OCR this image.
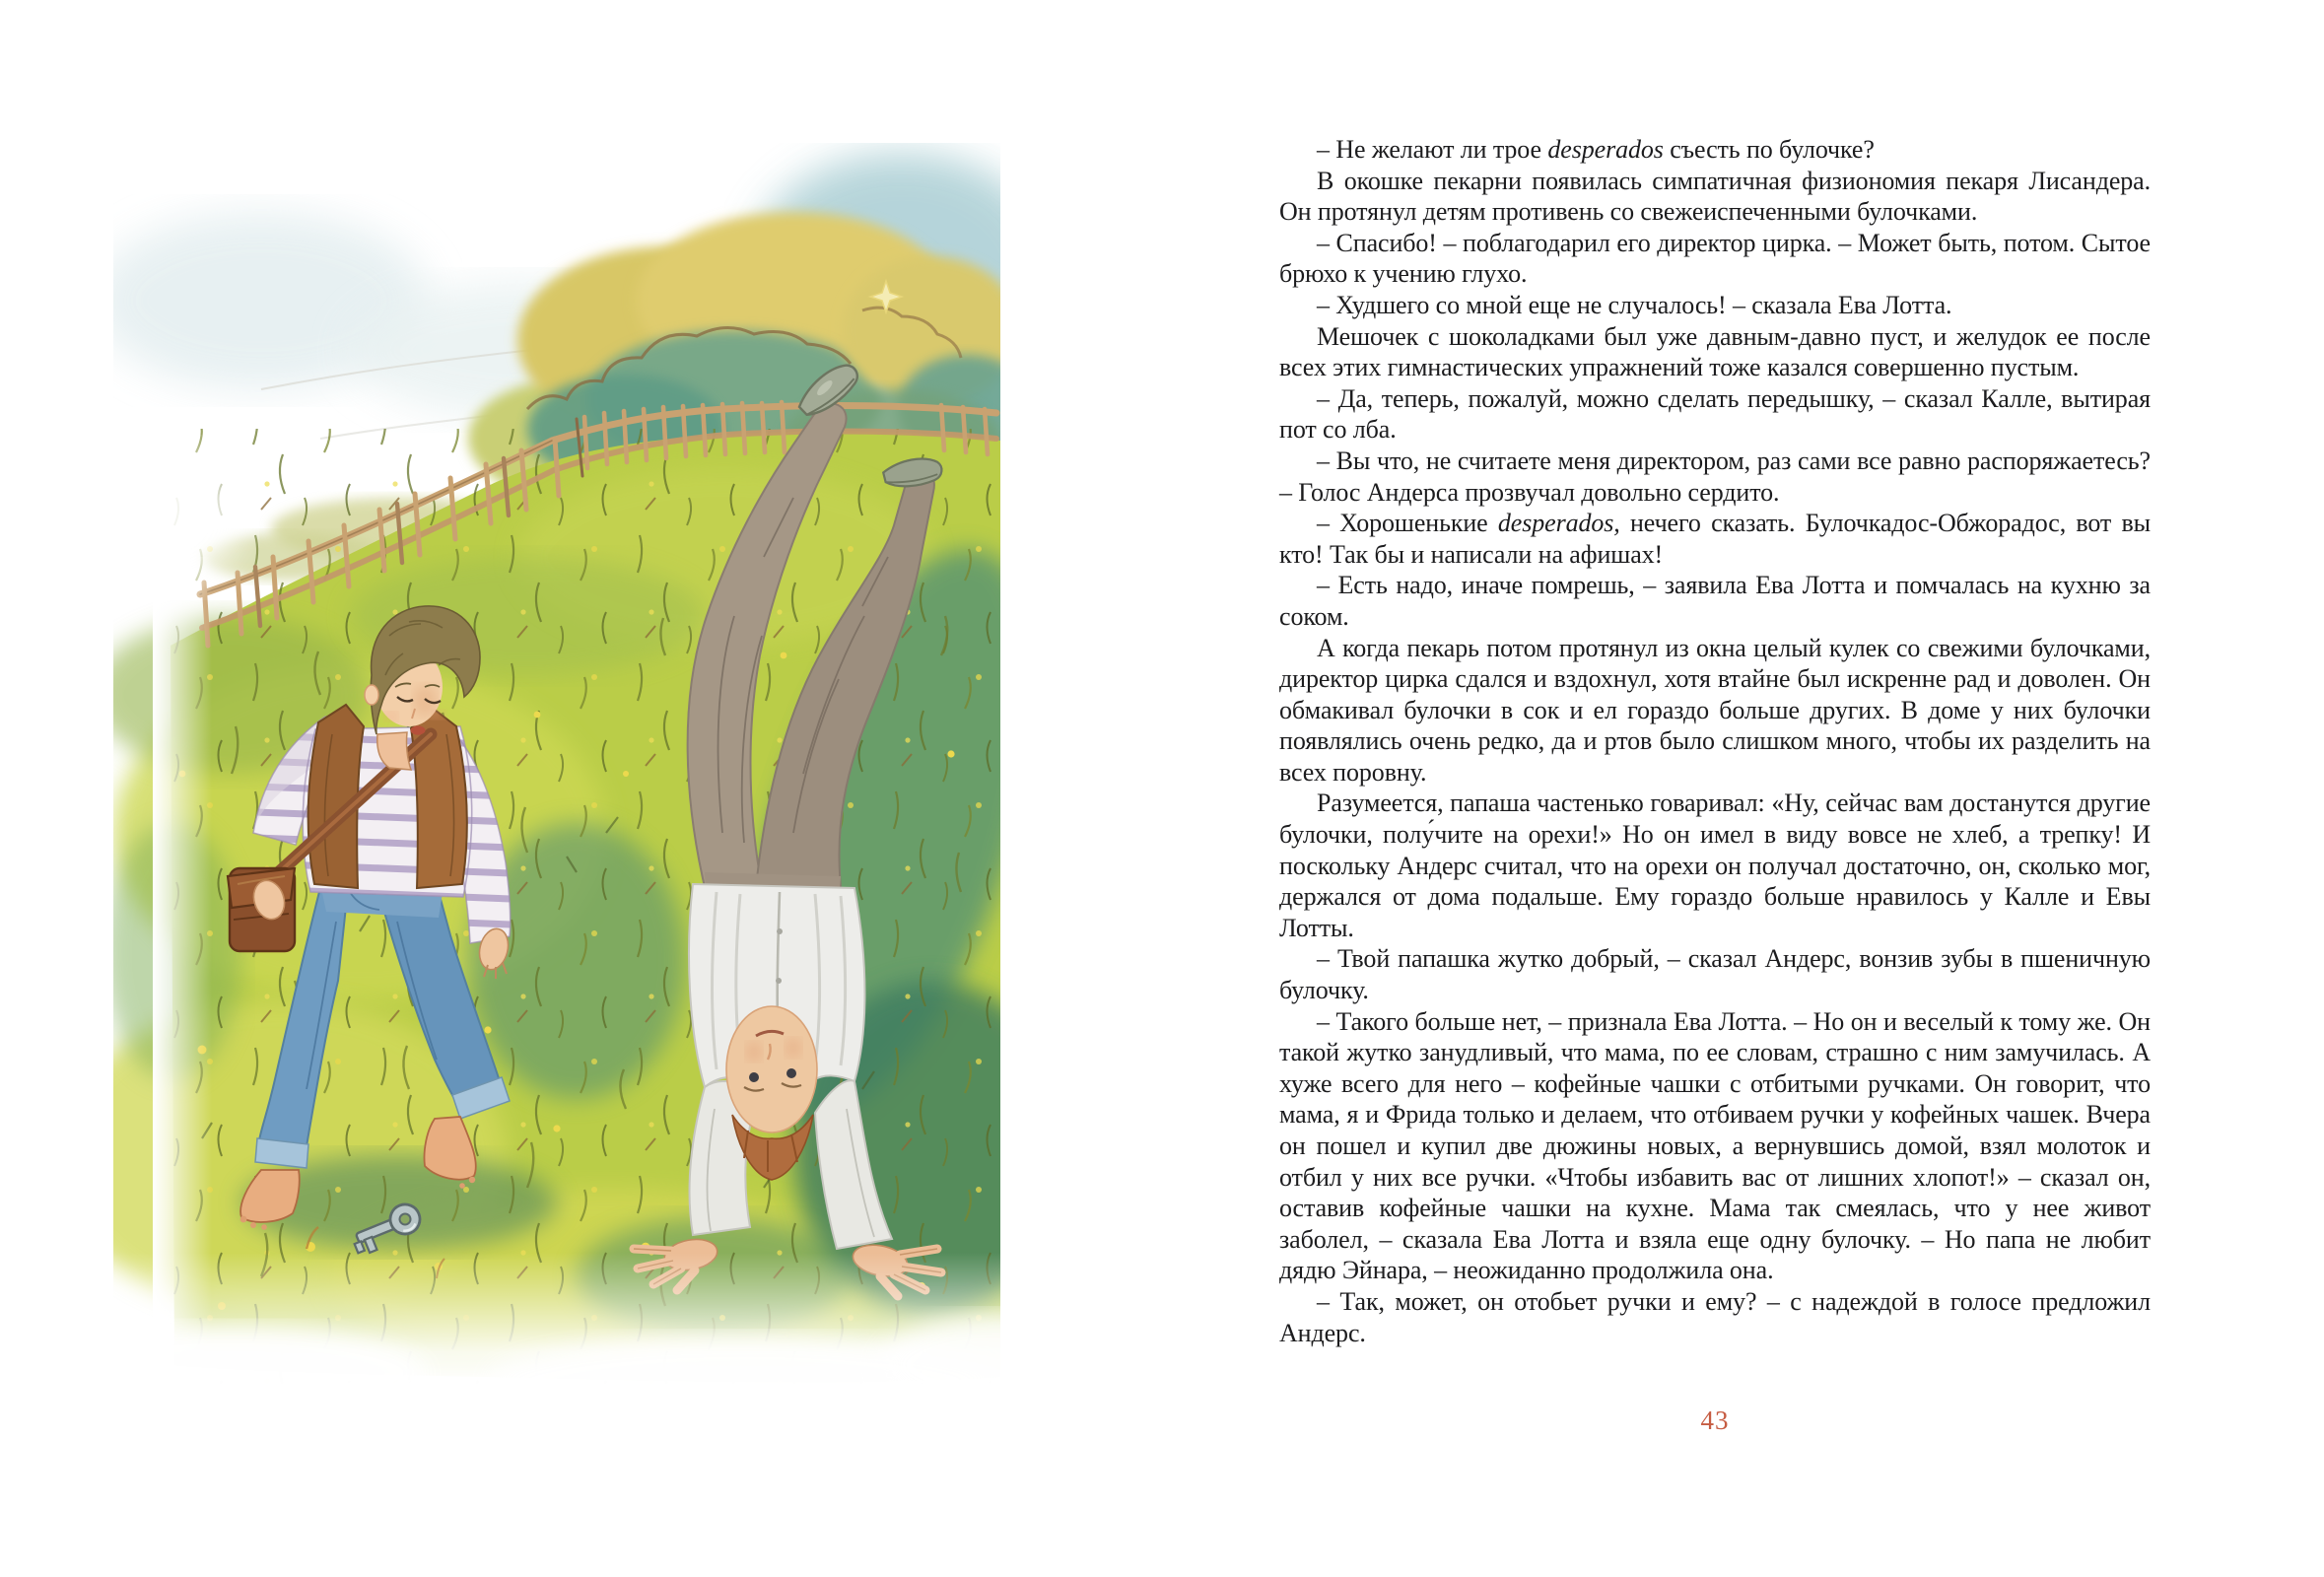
– Не желают ли трое desperados съесть по булочке?

В окошке пекарни появилась симпатичная физиономия пекаря Лисандера. Он протянул детям противень со свежеиспеченными булочками.

– Спасибо! – поблагодарил его директор цирка. – Может быть, потом. Сытое брюхо к учению глухо.

– Худшего со мной еще не случалось! – сказала Ева Лотта.

Мешочек с шоколадками был уже давным-давно пуст, и желудок ее после всех этих гимнастических упражнений тоже казался совершенно пустым.

– Да, теперь, пожалуй, можно сделать передышку, – сказал Калле, вытирая пот со лба.

– Вы что, не считаете меня директором, раз сами все равно распоряжаетесь? – Голос Андерса прозвучал довольно сердито.

– Хорошенькие desperados, нечего сказать. Булочкадос-Обжорадос, вот вы кто! Так бы и написали на афишах!

– Есть надо, иначе помрешь, – заявила Ева Лотта и помчалась на кухню за соком.

А когда пекарь потом протянул из окна целый кулек со свежими булочками, директор цирка сдался и вздохнул, хотя втайне был искренне рад и доволен. Он обмакивал булочки в сок и ел гораздо больше других. В доме у них булочки появлялись очень редко, да и ртов было слишком много, чтобы их разделить на всех поровну.

Разумеется, папаша частенько говаривал: «Ну, сейчас вам достанутся другие булочки, полу́чите на орехи!» Но он имел в виду вовсе не хлеб, а трепку! И поскольку Андерс считал, что на орехи он получал достаточно, он, сколько мог, держался от дома подальше. Ему гораздо больше нравилось у Калле и Евы Лотты.

– Твой папашка жутко добрый, – сказал Андерс, вонзив зубы в пшеничную булочку.

– Такого больше нет, – признала Ева Лотта. – Но он и веселый к тому же. Он такой жутко занудливый, что мама, по ее словам, страшно с ним замучилась. А хуже всего для него – кофейные чашки с отбитыми ручками. Он говорит, что мама, я и Фрида только и делаем, что отбиваем ручки у кофейных чашек. Вчера он пошел и купил две дюжины новых, а вернувшись домой, взял молоток и отбил у них все ручки. «Чтобы избавить вас от лишних хлопот!» – сказал он, оставив кофейные чашки на кухне. Мама так смеялась, что у нее живот заболел, – сказала Ева Лотта и взяла еще одну булочку. – Но папа не любит дядю Эйнара, – неожиданно продолжила она.

– Так, может, он отобьет ручки и ему? – с надеждой в голосе предложил Андерс.

43
